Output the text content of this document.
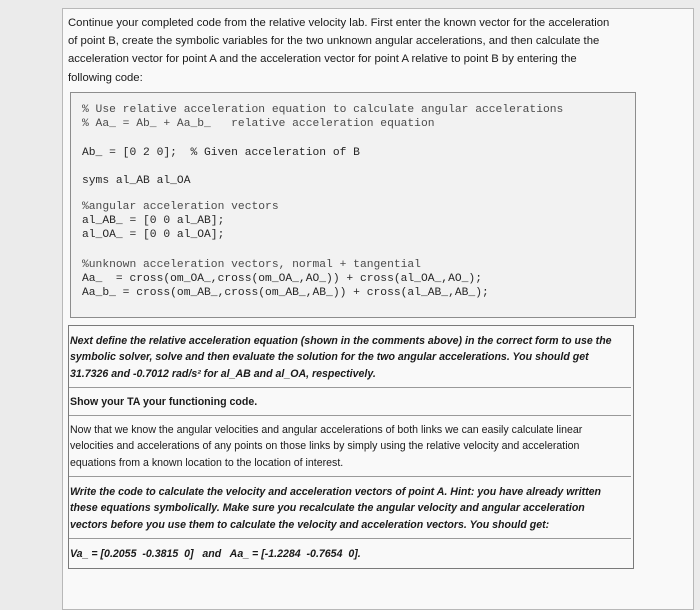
Continue your completed code from the relative velocity lab. First enter the known vector for the acceleration
of point B, create the symbolic variables for the two unknown angular accelerations, and then calculate the
acceleration vector for point A and the acceleration vector for point A relative to point B by entering the
following code:
% Use relative acceleration equation to calculate angular accelerations
% Aa_ = Ab_ + Aa_b_   relative acceleration equation
Ab_ = [0 2 0];  % Given acceleration of B
syms al_AB al_OA
%angular acceleration vectors
al_AB_ = [0 0 al_AB];
al_OA_ = [0 0 al_OA];
%unknown acceleration vectors, normal + tangential
Aa_  = cross(om_OA_,cross(om_OA_,AO_)) + cross(al_OA_,AO_);
Aa_b_ = cross(om_AB_,cross(om_AB_,AB_)) + cross(al_AB_,AB_);
Next define the relative acceleration equation (shown in the comments above) in the correct form to use the
symbolic solver, solve and then evaluate the solution for the two angular accelerations. You should get
31.7326 and -0.7012 rad/s² for al_AB and al_OA, respectively.
Show your TA your functioning code.
Now that we know the angular velocities and angular accelerations of both links we can easily calculate linear
velocities and accelerations of any points on those links by simply using the relative velocity and acceleration
equations from a known location to the location of interest.
Write the code to calculate the velocity and acceleration vectors of point A. Hint: you have already written
these equations symbolically. Make sure you recalculate the angular velocity and angular acceleration
vectors before you use them to calculate the velocity and acceleration vectors. You should get:
Va_ = [0.2055  -0.3815  0]   and   Aa_ = [-1.2284  -0.7654  0].
